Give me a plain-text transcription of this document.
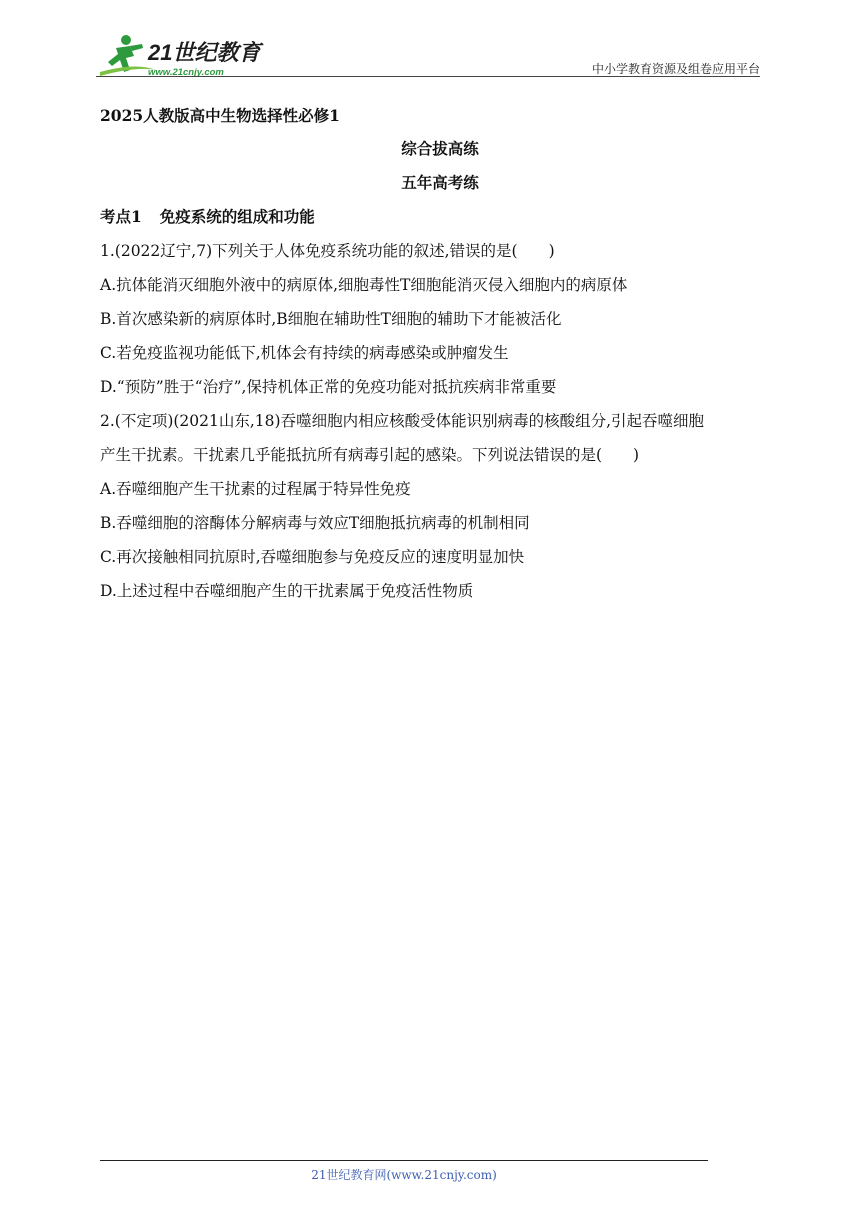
21世纪教育
www.21cnjy.com	中小学教育资源及组卷应用平台
2025人教版高中生物选择性必修1
综合拔高练
五年高考练
考点1 免疫系统的组成和功能
1.(2022辽宁,7)下列关于人体免疫系统功能的叙述,错误的是(　　)
A.抗体能消灭细胞外液中的病原体,细胞毒性T细胞能消灭侵入细胞内的病原体
B.首次感染新的病原体时,B细胞在辅助性T细胞的辅助下才能被活化
C.若免疫监视功能低下,机体会有持续的病毒感染或肿瘤发生
D.“预防”胜于“治疗”,保持机体正常的免疫功能对抵抗疾病非常重要
2.(不定项)(2021山东,18)吞噬细胞内相应核酸受体能识别病毒的核酸组分,引起吞噬细胞
产生干扰素。干扰素几乎能抵抗所有病毒引起的感染。下列说法错误的是(　　)
A.吞噬细胞产生干扰素的过程属于特异性免疫
B.吞噬细胞的溶酶体分解病毒与效应T细胞抵抗病毒的机制相同
C.再次接触相同抗原时,吞噬细胞参与免疫反应的速度明显加快
D.上述过程中吞噬细胞产生的干扰素属于免疫活性物质
21世纪教育网(www.21cnjy.com)
